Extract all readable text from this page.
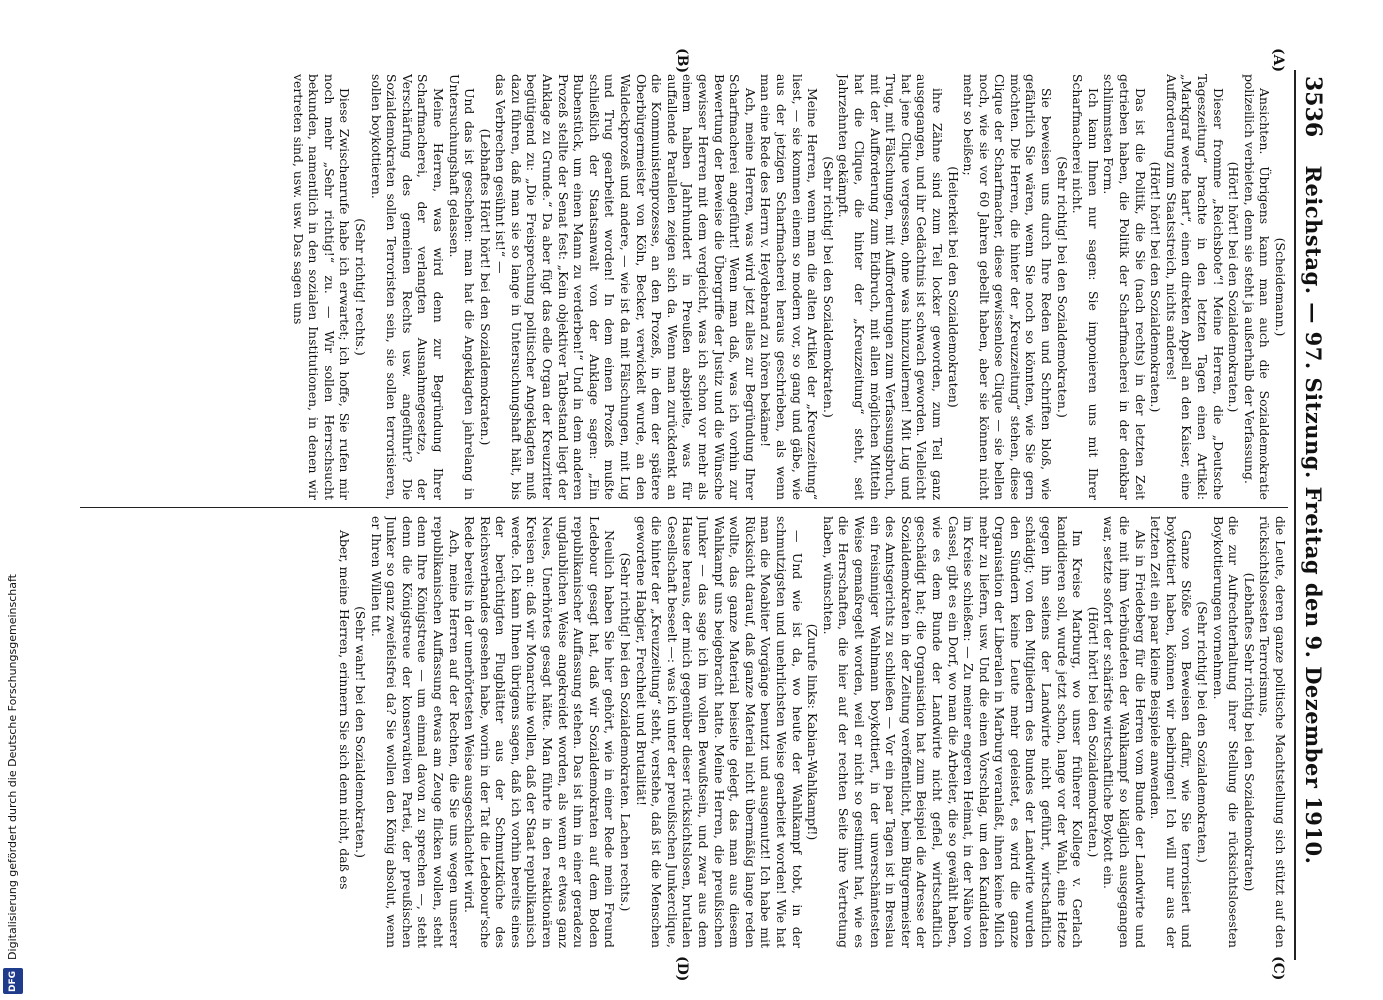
Digitalisierung gefördert durch die Deutsche Forschungsgemeinschaft
DFG
3536
Reichstag. — 97. Sitzung. Freitag den 9. Dezember 1910.
(A)
(B)
(C)
(D)

(Scheidemann.)

Ansichten. Übrigens kann man auch die Sozialdemokratie polizeilich verbieten, denn sie steht ja außerhalb der Verfassung.

(Hört! hört! bei den Sozialdemokraten.)

Dieser fromme „Reichsbote“! Meine Herren, die „Deutsche Tageszeitung“ brachte in den letzten Tagen einen Artikel: „Markgraf werde hart“, einen direkten Appell an den Kaiser, eine Aufforderung zum Staatsstreich, nichts anderes!

(Hört! hört! bei den Sozialdemokraten.)

Das ist die Politik, die Sie (nach rechts) in der letzten Zeit getrieben haben, die Politik der Scharfmacherei in der denkbar schlimmsten Form.

Ich kann Ihnen nur sagen: Sie imponieren uns mit Ihrer Scharfmacherei nicht.

(Sehr richtig! bei den Sozialdemokraten.)

Sie beweisen uns durch Ihre Reden und Schriften bloß, wie gefährlich Sie wären, wenn Sie noch so könnten, wie Sie gern möchten. Die Herren, die hinter der „Kreuzzeitung“ stehen, diese Clique der Scharfmacher, diese gewissenlose Clique — sie bellen noch, wie sie vor 60 Jahren gebellt haben, aber sie können nicht mehr so beißen;

(Heiterkeit bei den Sozialdemokraten)

ihre Zähne sind zum Teil locker geworden, zum Teil ganz ausgegangen, und ihr Gedächtnis ist schwach geworden. Vielleicht hat jene Clique vergessen, ohne was hinzuzulernen! Mit Lug und Trug, mit Fälschungen, mit Aufforderungen zum Verfassungsbruch, mit der Aufforderung zum Eidbruch, mit allen möglichen Mitteln hat die Clique, die hinter der „Kreuzzeitung“ steht, seit Jahrzehnten gekämpft.

(Sehr richtig! bei den Sozialdemokraten.)

Meine Herren, wenn man die alten Artikel der „Kreuzzeitung“ liest, — sie kommen einem so modern vor, so gang und gäbe, wie aus der jetzigen Scharfmacherei heraus geschrieben, als wenn man eine Rede des Herrn v. Heydebrand zu hören bekäme!

Ach, meine Herren, was wird jetzt alles zur Begründung Ihrer Scharfmacherei angeführt! Wenn man daß, was ich vorhin zur Bewertung der Beweise die Übergriffe der Justiz und die Wünsche gewisser Herren mit dem vergleicht, was ich schon vor mehr als einem halben Jahrhundert in Preußen abspielte, was für auffallende Parallelen zeigen sich da. Wenn man zurückdenkt an die Kommunistenprozesse, an den Prozeß, in dem der spätere Oberbürgermeister von Köln, Becker, verwickelt wurde, an den Waldeckprozeß und andere, — wie ist da mit Fälschungen, mit Lug und Trug gearbeitet worden! In dem einen Prozeß mußte schließlich der Staatsanwalt von der Anklage sagen: „Ein Bubenstück, um einen Mann zu verderben!“ Und in dem anderen Prozeß stellte der Senat fest: „Kein objektiver Tatbestand liegt der Anklage zu Grunde.“ Da aber fügt das edle Organ der Kreuzritter begütigend zu: „Die Freisprechung politischer Angeklagten muß dazu führen, daß man sie so lange in Untersuchungshaft hält, bis das Verbrechen gesühnt ist!“ —

(Lebhaftes Hört! hört! bei den Sozialdemokraten.)

Und das ist geschehen: man hat die Angeklagten jahrelang in Untersuchungshaft gelassen.

Meine Herren, was wird denn zur Begründung Ihrer Scharfmacherei, der verlangten Ausnahmegesetze, der Verschärfung des gemeinen Rechts usw. angeführt? Die Sozialdemokraten sollen Terroristen sein, sie sollen terrorisieren, sollen boykottieren.

(Sehr richtig! rechts.)

Diese Zwischenrufe habe ich erwartet; ich hoffe, Sie rufen mir noch mehr „Sehr richtig!“ zu. — Wir sollen Herrschsucht bekunden, namentlich in den sozialen Institutionen, in denen wir vertreten sind, usw. usw. Das sagen uns

die Leute, deren ganze politische Machtstellung sich stützt auf den rücksichtslosesten Terrorismus,

(Lebhaftes Sehr richtig bei den Sozialdemokraten)

die zur Aufrechterhaltung ihrer Stellung die rücksichtslosesten Boykottierungen vornehmen.

(Sehr richtig! bei den Sozialdemokraten.)

Ganze Stöße von Beweisen dafür, wie Sie terrorisiert und boykottiert haben, können wir beibringen! Ich will nur aus der letzten Zeit ein paar kleine Beispiele anwenden.

Als in Friedeberg für die Herren vom Bunde der Landwirte und die mit ihm Verbündeten der Wahlkampf so kläglich ausgegangen war, setzte sofort der schärfste wirtschaftliche Boykott ein.

(Hört! hört! bei den Sozialdemokraten.)

Im Kreise Marburg, wo unser früherer Kollege v. Gerlach kandidieren soll, wurde jetzt schon, lange vor der Wahl, eine Hetze gegen ihn seitens der Landwirte nicht geführt, wirtschaftlich schädigt; von den Mitgliedern des Bundes der Landwirte wurden den Sündern keine Leute mehr geleistet, es wird die ganze Organisation der Liberalen in Marburg veranlaßt, ihnen keine Milch mehr zu liefern, usw. Und die einen Vorschlag, um den Kandidaten im Kreise schießen: — Zu meiner engeren Heimat, in der Nähe von Cassel, gibt es ein Dorf, wo man die Arbeiter, die so gewählt haben, wie es dem Bunde der Landwirte nicht gefiel, wirtschaftlich geschädigt hat; die Organisation hat zum Beispiel die Adresse der Sozialdemokraten in der Zeitung veröffentlicht, beim Bürgermeister des Amtsgerichts zu schließen — Vor ein paar Tagen ist in Breslau ein freisinniger Wahlmann boykottiert, in der unverschämtesten Weise gemaßregelt worden, weil er nicht so gestimmt hat, wie es die Herrschaften, die hier auf der rechten Seite ihre Vertretung haben, wünschten.

(Zurufe links: Kabian-Wahlkampf!)

— Und wie ist da, wo heute der Wahlkampf tobt, in der schmutzigsten und unehrlichsten Weise gearbeitet worden! Wie hat man die Moabiter Vorgänge benutzt und ausgenutzt! Ich habe mit Rücksicht darauf, daß ganze Material nicht übermäßig lange reden wollte, das ganze Material beiseite gelegt, das man aus diesem Wahlkampf uns beigebracht hatte. Meine Herren, die preußischen Junker — das sage ich im vollen Bewußtsein, und zwar aus dem Hause heraus, der mich gegenüber dieser rücksichtslosen, brutalen Gesellschaft beseelt —: was ich unter der preußischen Junkerclique, die hinter der „Kreuzzeitung“ steht, verstehe, daß ist die Menschen gewordene Habgier, Frechheit und Brutalität!

(Sehr richtig! bei den Sozialdemokraten. Lachen rechts.)

Neulich haben Sie hier gehört, wie in einer Rede mein Freund Ledebour gesagt hat, daß wir Sozialdemokraten auf dem Boden republikanischer Auffassung stehen. Das ist ihm in einer geradezu unglaublichen Weise angekreidet worden, als wenn er etwas ganz Neues, Unerhörtes gesagt hätte. Man führte in den reaktionären Kreisen an: daß wir Monarchie wollen, daß der Staat republikanisch werde. Ich kann Ihnen übrigens sagen, daß ich vorhin bereits eines der berüchtigten Flugblätter aus der Schmutzküche des Reichsverbandes gesehen habe, worin in der Tat die Ledebour'sche Rede bereits in der unerhörtesten Weise ausgeschlachtet wird.

Ach, meine Herren auf der Rechten, die Sie uns wegen unserer republikanischen Auffassung etwas am Zeuge flicken wollen, steht denn Ihre Königstreue — um einmal davon zu sprechen —, steht denn die Königstreue der konservativen Partei, der preußischen Junker so ganz zweifelsfrei da? Sie wollen den König absolut, wenn er Ihren Willen tut.

(Sehr wahr! bei den Sozialdemokraten.)

Aber, meine Herren, erinnern Sie sich denn nicht, daß es
